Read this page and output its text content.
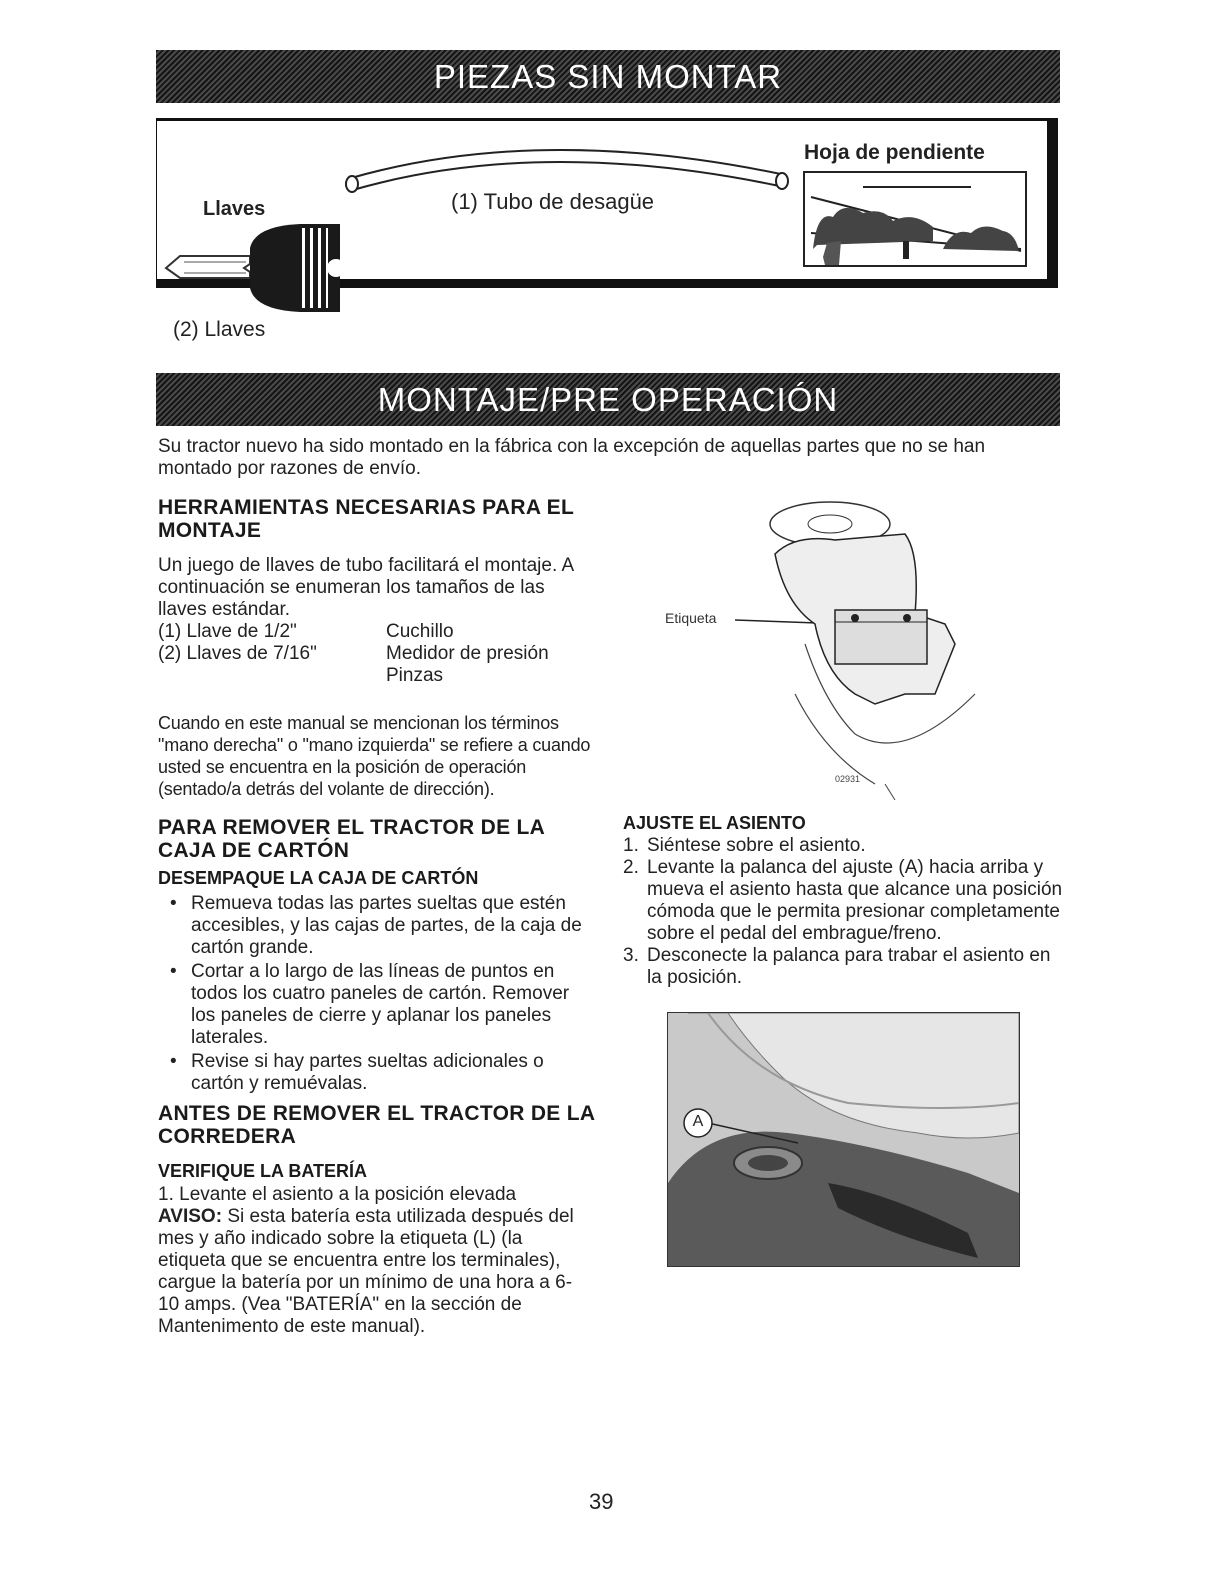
PIEZAS SIN MONTAR
Llaves
(2) Llaves
(1) Tubo de desagüe
Hoja de pendiente
MONTAJE/PRE OPERACIÓN
Su tractor nuevo ha sido montado en la fábrica con la excepción de aquellas partes que no se han montado por razones de envío.
HERRAMIENTAS NECESARIAS PARA EL MONTAJE
Un juego de llaves de tubo facilitará el montaje. A continuación se enumeran los tamaños de las llaves estándar.
(1) Llave de 1/2"	Cuchillo
(2) Llaves de 7/16"	Medidor de presión
Pinzas
Cuando en este manual se mencionan los términos "mano derecha" o "mano izquierda" se refiere a cuando usted se encuentra en la posición de operación (sentado/a detrás del volante de dirección).
Etiqueta
02931
PARA REMOVER EL TRACTOR DE LA CAJA DE CARTÓN
DESEMPAQUE LA CAJA DE CARTÓN
• Remueva todas las partes sueltas que estén accesibles, y las cajas de partes, de la caja de cartón grande.
• Cortar a lo largo de las líneas de puntos en todos los cuatro paneles de cartón. Remover los paneles de cierre y aplanar los paneles laterales.
• Revise si hay partes sueltas adicionales o cartón y remuévalas.
ANTES DE REMOVER EL TRACTOR DE LA CORREDERA
VERIFIQUE LA BATERÍA
1. Levante el asiento a la posición elevada
AVISO: Si esta batería esta utilizada después del mes y año indicado sobre la etiqueta (L) (la etiqueta que se encuentra entre los terminales), cargue la batería por un mínimo de una hora a 6-10 amps. (Vea "BATERÍA" en la sección de Mantenimento de este manual).
AJUSTE EL ASIENTO
1. Siéntese sobre el asiento.
2. Levante la palanca del ajuste (A) hacia arriba y mueva el asiento hasta que alcance una posición cómoda que le permita presionar completamente sobre el pedal del embrague/freno.
3. Desconecte la palanca para trabar el asiento en la posición.
A
39
